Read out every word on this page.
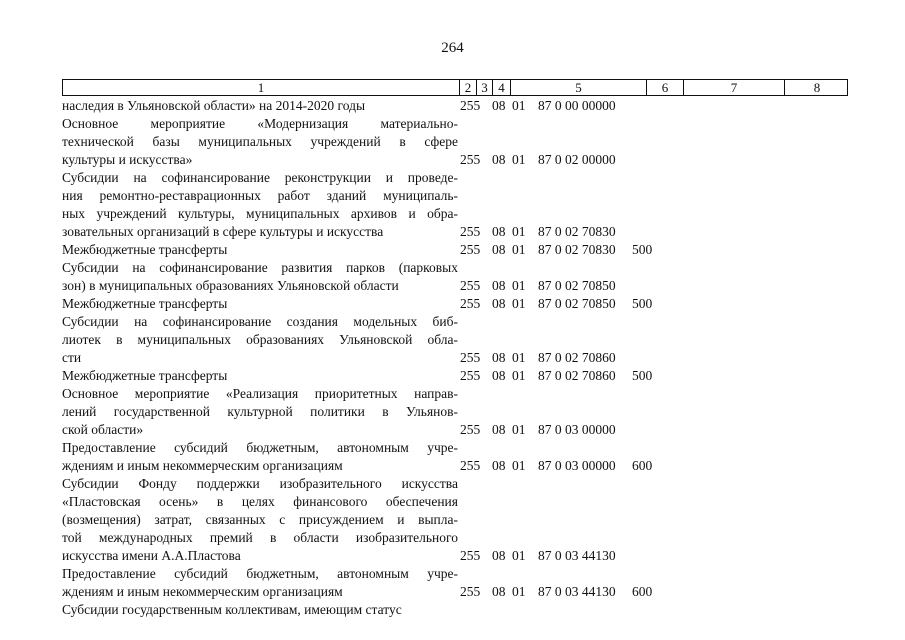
264
1	2 3 4	5	6	7	8
наследия в Ульяновской области» на 2014-2020 годы	255 08 01 87 0 00 00000
Основное мероприятие «Модернизация материально-
технической базы муниципальных учреждений в сфере
культуры и искусства»	255 08 01 87 0 02 00000
Субсидии на софинансирование реконструкции и проведе-
ния ремонтно-реставрационных работ зданий муниципаль-
ных учреждений культуры, муниципальных архивов и обра-
зовательных организаций в сфере культуры и искусства	255 08 01 87 0 02 70830
Межбюджетные трансферты	255 08 01 87 0 02 70830 500
Субсидии на софинансирование развития парков (парковых
зон) в муниципальных образованиях Ульяновской области	255 08 01 87 0 02 70850
Межбюджетные трансферты	255 08 01 87 0 02 70850 500
Субсидии на софинансирование создания модельных биб-
лиотек в муниципальных образованиях Ульяновской обла-
сти	255 08 01 87 0 02 70860
Межбюджетные трансферты	255 08 01 87 0 02 70860 500
Основное мероприятие «Реализация приоритетных направ-
лений государственной культурной политики в Ульянов-
ской области»	255 08 01 87 0 03 00000
Предоставление субсидий бюджетным, автономным учре-
ждениям и иным некоммерческим организациям	255 08 01 87 0 03 00000 600
Субсидии Фонду поддержки изобразительного искусства
«Пластовская осень» в целях финансового обеспечения
(возмещения) затрат, связанных с присуждением и выпла-
той международных премий в области изобразительного
искусства имени А.А.Пластова	255 08 01 87 0 03 44130
Предоставление субсидий бюджетным, автономным учре-
ждениям и иным некоммерческим организациям	255 08 01 87 0 03 44130 600
Субсидии государственным коллективам, имеющим статус
